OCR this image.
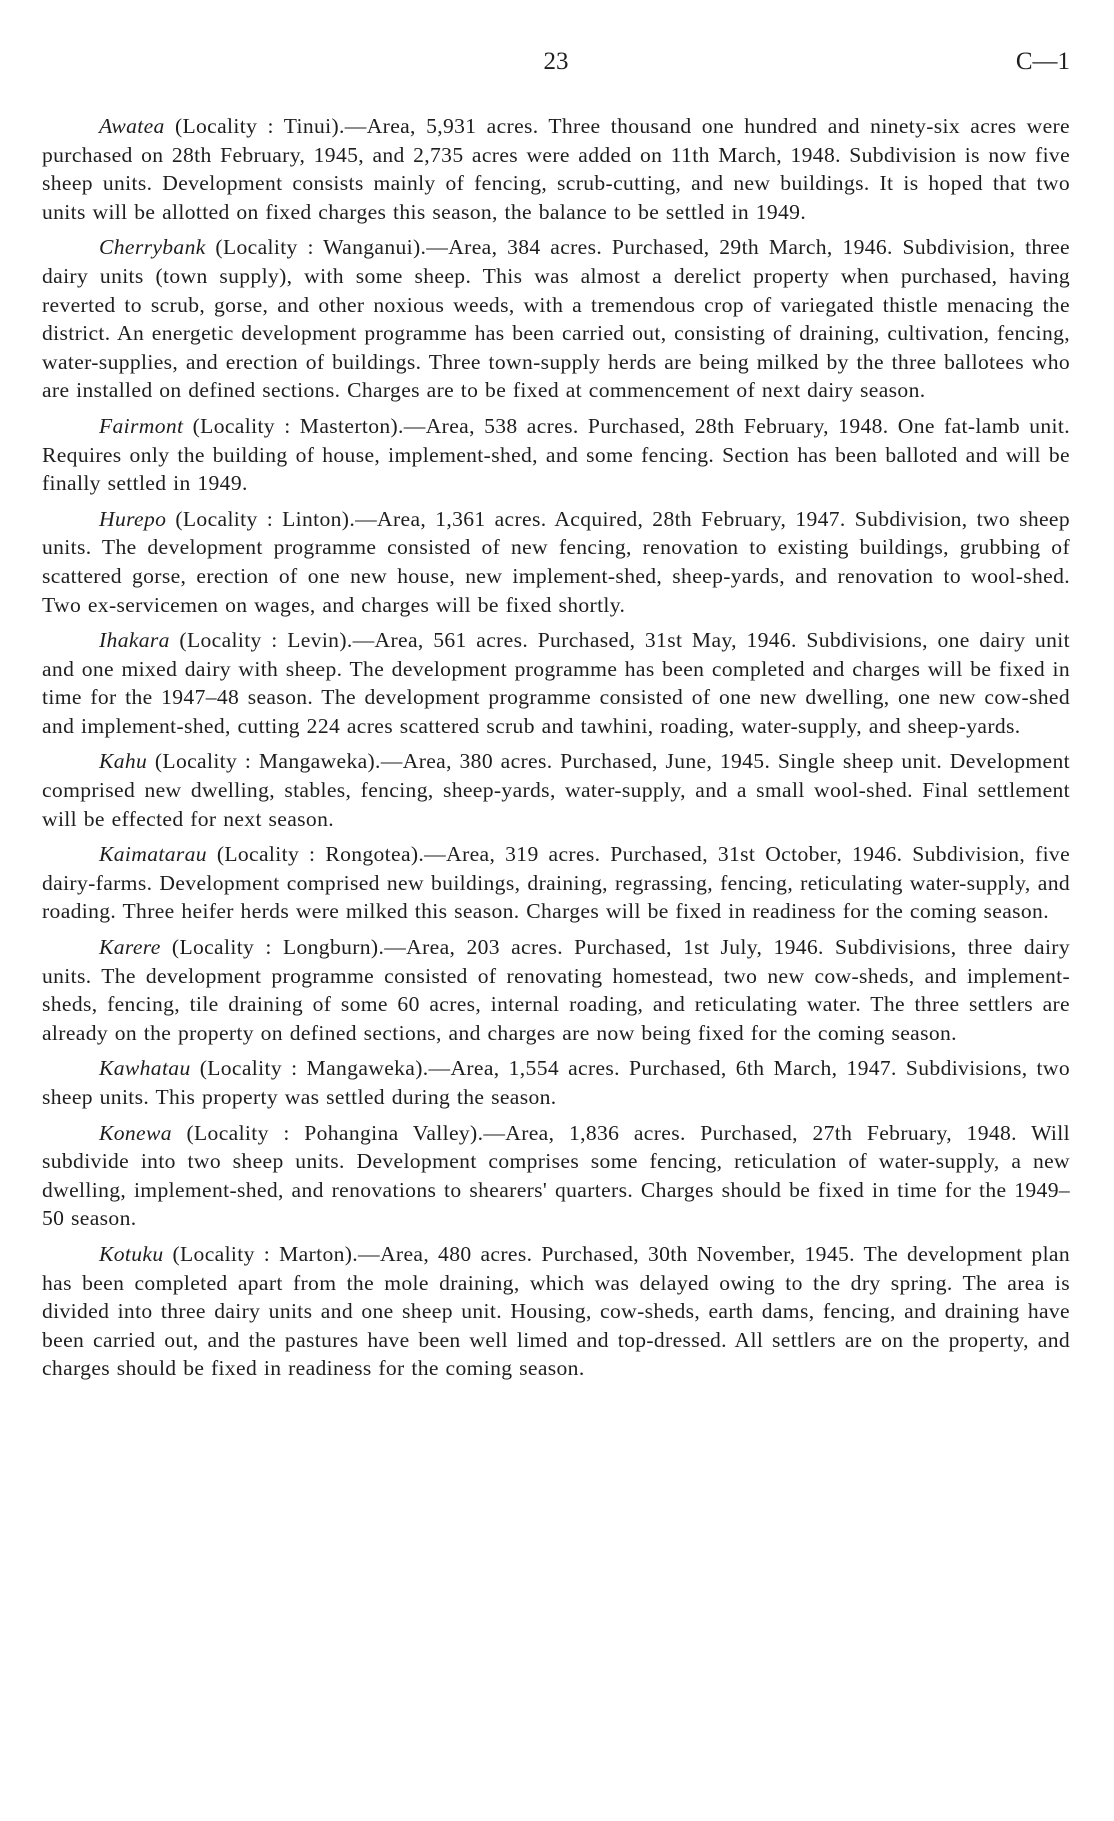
23	C—1

Awatea (Locality : Tinui).—Area, 5,931 acres. Three thousand one hundred and ninety-six acres were purchased on 28th February, 1945, and 2,735 acres were added on 11th March, 1948. Subdivision is now five sheep units. Development consists mainly of fencing, scrub-cutting, and new buildings. It is hoped that two units will be allotted on fixed charges this season, the balance to be settled in 1949.

Cherrybank (Locality : Wanganui).—Area, 384 acres. Purchased, 29th March, 1946. Subdivision, three dairy units (town supply), with some sheep. This was almost a derelict property when purchased, having reverted to scrub, gorse, and other noxious weeds, with a tremendous crop of variegated thistle menacing the district. An energetic development programme has been carried out, consisting of draining, cultivation, fencing, water-supplies, and erection of buildings. Three town-supply herds are being milked by the three ballotees who are installed on defined sections. Charges are to be fixed at commencement of next dairy season.

Fairmont (Locality : Masterton).—Area, 538 acres. Purchased, 28th February, 1948. One fat-lamb unit. Requires only the building of house, implement-shed, and some fencing. Section has been balloted and will be finally settled in 1949.

Hurepo (Locality : Linton).—Area, 1,361 acres. Acquired, 28th February, 1947. Subdivision, two sheep units. The development programme consisted of new fencing, renovation to existing buildings, grubbing of scattered gorse, erection of one new house, new implement-shed, sheep-yards, and renovation to wool-shed. Two ex-servicemen on wages, and charges will be fixed shortly.

Ihakara (Locality : Levin).—Area, 561 acres. Purchased, 31st May, 1946. Subdivisions, one dairy unit and one mixed dairy with sheep. The development programme has been completed and charges will be fixed in time for the 1947–48 season. The development programme consisted of one new dwelling, one new cow-shed and implement-shed, cutting 224 acres scattered scrub and tawhini, roading, water-supply, and sheep-yards.

Kahu (Locality : Mangaweka).—Area, 380 acres. Purchased, June, 1945. Single sheep unit. Development comprised new dwelling, stables, fencing, sheep-yards, water-supply, and a small wool-shed. Final settlement will be effected for next season.

Kaimatarau (Locality : Rongotea).—Area, 319 acres. Purchased, 31st October, 1946. Subdivision, five dairy-farms. Development comprised new buildings, draining, regrassing, fencing, reticulating water-supply, and roading. Three heifer herds were milked this season. Charges will be fixed in readiness for the coming season.

Karere (Locality : Longburn).—Area, 203 acres. Purchased, 1st July, 1946. Subdivisions, three dairy units. The development programme consisted of renovating homestead, two new cow-sheds, and implement-sheds, fencing, tile draining of some 60 acres, internal roading, and reticulating water. The three settlers are already on the property on defined sections, and charges are now being fixed for the coming season.

Kawhatau (Locality : Mangaweka).—Area, 1,554 acres. Purchased, 6th March, 1947. Subdivisions, two sheep units. This property was settled during the season.

Konewa (Locality : Pohangina Valley).—Area, 1,836 acres. Purchased, 27th February, 1948. Will subdivide into two sheep units. Development comprises some fencing, reticulation of water-supply, a new dwelling, implement-shed, and renovations to shearers' quarters. Charges should be fixed in time for the 1949–50 season.

Kotuku (Locality : Marton).—Area, 480 acres. Purchased, 30th November, 1945. The development plan has been completed apart from the mole draining, which was delayed owing to the dry spring. The area is divided into three dairy units and one sheep unit. Housing, cow-sheds, earth dams, fencing, and draining have been carried out, and the pastures have been well limed and top-dressed. All settlers are on the property, and charges should be fixed in readiness for the coming season.
